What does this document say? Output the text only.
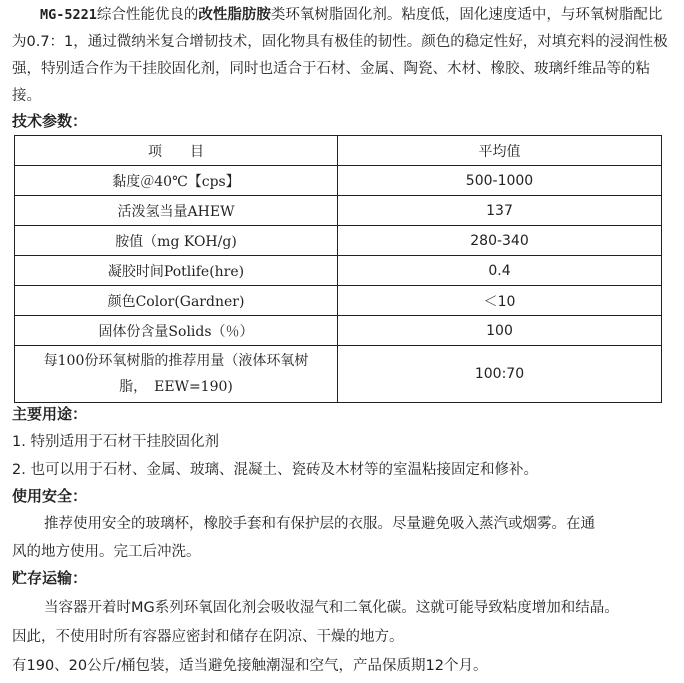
MG-5221综合性能优良的改性脂肪胺类环氧树脂固化剂。粘度低，固化速度适中，与环氧树脂配比为0.7：1，通过微纳米复合增韧技术，固化物具有极佳的韧性。颜色的稳定性好，对填充料的浸润性极强，特别适合作为干挂胶固化剂，同时也适合于石材、金属、陶瓷、木材、橡胶、玻璃纤维品等的粘接。

技术参数：
项　　目	平均值
黏度＠40℃【cps】	500-1000
活泼氢当量AHEW	137
胺值（mg KOH/g)	280-340
凝胶时间Potlife(hre)	0.4
颜色Color(Gardner)	＜10
固体份含量Solids（％）	100
每100份环氧树脂的推荐用量（液体环氧树
脂，　EEW=190)	100:70
主要用途：

1. 特别适用于石材干挂胶固化剂

2. 也可以用于石材、金属、玻璃、混凝土、瓷砖及木材等的室温粘接固定和修补。

使用安全：

推荐使用安全的玻璃杯，橡胶手套和有保护层的衣服。尽量避免吸入蒸汽或烟雾。在通

风的地方使用。完工后冲洗。

贮存运输：

当容器开着时MG系列环氧固化剂会吸收湿气和二氧化碳。这就可能导致粘度增加和结晶。

因此，不使用时所有容器应密封和储存在阴凉、干燥的地方。

有190、20公斤/桶包装，适当避免接触潮湿和空气，产品保质期12个月。
